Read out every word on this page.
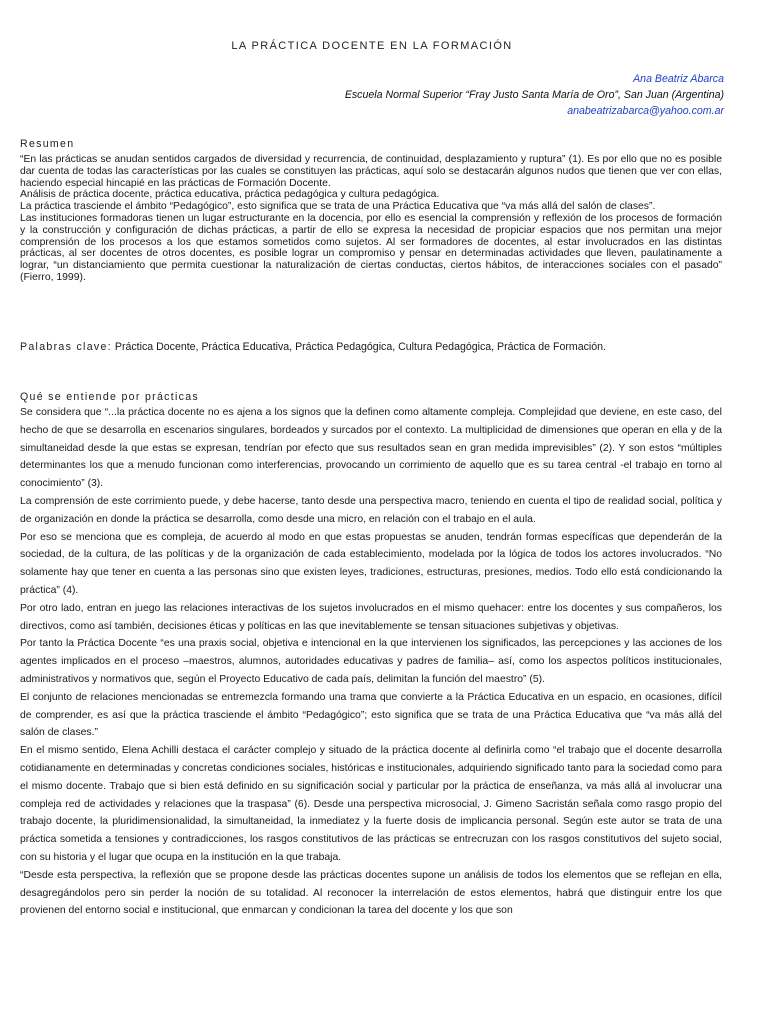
LA PRÁCTICA DOCENTE EN LA FORMACIÓN
Ana Beatriz Abarca
Escuela Normal Superior “Fray Justo Santa María de Oro”, San Juan (Argentina)
anabeatrizabarca@yahoo.com.ar
Resumen
“En las prácticas se anudan sentidos cargados de diversidad y recurrencia, de continuidad, desplazamiento y ruptura” (1). Es por ello que no es posible dar cuenta de todas las características por las cuales se constituyen las prácticas, aquí solo se destacarán algunos nudos que tienen que ver con ellas, haciendo especial hincapié en las prácticas de Formación Docente.
Análisis de práctica docente, práctica educativa, práctica pedagógica y cultura pedagógica.
La práctica trasciende el ámbito “Pedagógico”, esto significa que se trata de una Práctica Educativa que “va más allá del salón de clases”.
Las instituciones formadoras tienen un lugar estructurante en la docencia, por ello es esencial la comprensión y reflexión de los procesos de formación y la construcción y configuración de dichas prácticas, a partir de ello se expresa la necesidad de propiciar espacios que nos permitan una mejor comprensión de los procesos a los que estamos sometidos como sujetos. Al ser formadores de docentes, al estar involucrados en las distintas prácticas, al ser docentes de otros docentes, es posible lograr un compromiso y pensar en determinadas actividades que lleven, paulatinamente a lograr, “un distanciamiento que permita cuestionar la naturalización de ciertas conductas, ciertos hábitos, de interacciones sociales con el pasado” (Fierro, 1999).
Palabras clave: Práctica Docente, Práctica Educativa, Práctica Pedagógica, Cultura Pedagógica, Práctica de Formación.
Qué se entiende por prácticas
Se considera que “...la práctica docente no es ajena a los signos que la definen como altamente compleja. Complejidad que deviene, en este caso, del hecho de que se desarrolla en escenarios singulares, bordeados y surcados por el contexto. La multiplicidad de dimensiones que operan en ella y de la simultaneidad desde la que estas se expresan, tendrían por efecto que sus resultados sean en gran medida imprevisibles” (2). Y son estos “múltiples determinantes los que a menudo funcionan como interferencias, provocando un corrimiento de aquello que es su tarea central -el trabajo en torno al conocimiento” (3).
La comprensión de este corrimiento puede, y debe hacerse, tanto desde una perspectiva macro, teniendo en cuenta el tipo de realidad social, política y de organización en donde la práctica se desarrolla, como desde una micro, en relación con el trabajo en el aula.
Por eso se menciona que es compleja, de acuerdo al modo en que estas propuestas se anuden, tendrán formas específicas que dependerán de la sociedad, de la cultura, de las políticas y de la organización de cada establecimiento, modelada por la lógica de todos los actores involucrados. “No solamente hay que tener en cuenta a las personas sino que existen leyes, tradiciones, estructuras, presiones, medios. Todo ello está condicionando la práctica” (4).
Por otro lado, entran en juego las relaciones interactivas de los sujetos involucrados en el mismo quehacer: entre los docentes y sus compañeros, los directivos, como así también, decisiones éticas y políticas en las que inevitablemente se tensan situaciones subjetivas y objetivas.
Por tanto la Práctica Docente “es una praxis social, objetiva e intencional en la que intervienen los significados, las percepciones y las acciones de los agentes implicados en el proceso –maestros, alumnos, autoridades educativas y padres de familia– así, como los aspectos políticos institucionales, administrativos y normativos que, según el Proyecto Educativo de cada país, delimitan la función del maestro” (5).
El conjunto de relaciones mencionadas se entremezcla formando una trama que convierte a la Práctica Educativa en un espacio, en ocasiones, difícil de comprender, es así que la práctica trasciende el ámbito “Pedagógico”; esto significa que se trata de una Práctica Educativa que “va más allá del salón de clases.”
En el mismo sentido, Elena Achilli destaca el carácter complejo y situado de la práctica docente al definirla como “el trabajo que el docente desarrolla cotidianamente en determinadas y concretas condiciones sociales, históricas e institucionales, adquiriendo significado tanto para la sociedad como para el mismo docente. Trabajo que si bien está definido en su significación social y particular por la práctica de enseñanza, va más allá al involucrar una compleja red de actividades y relaciones que la traspasa” (6). Desde una perspectiva microsocial, J. Gimeno Sacristán señala como rasgo propio del trabajo docente, la pluridimensionalidad, la simultaneidad, la inmediatez y la fuerte dosis de implicancia personal. Según este autor se trata de una práctica sometida a tensiones y contradicciones, los rasgos constitutivos de las prácticas se entrecruzan con los rasgos constitutivos del sujeto social, con su historia y el lugar que ocupa en la institución en la que trabaja.
“Desde esta perspectiva, la reflexión que se propone desde las prácticas docentes supone un análisis de todos los elementos que se reflejan en ella, desagregándolos pero sin perder la noción de su totalidad. Al reconocer la interrelación de estos elementos, habrá que distinguir entre los que provienen del entorno social e institucional, que enmarcan y condicionan la tarea del docente y los que son
